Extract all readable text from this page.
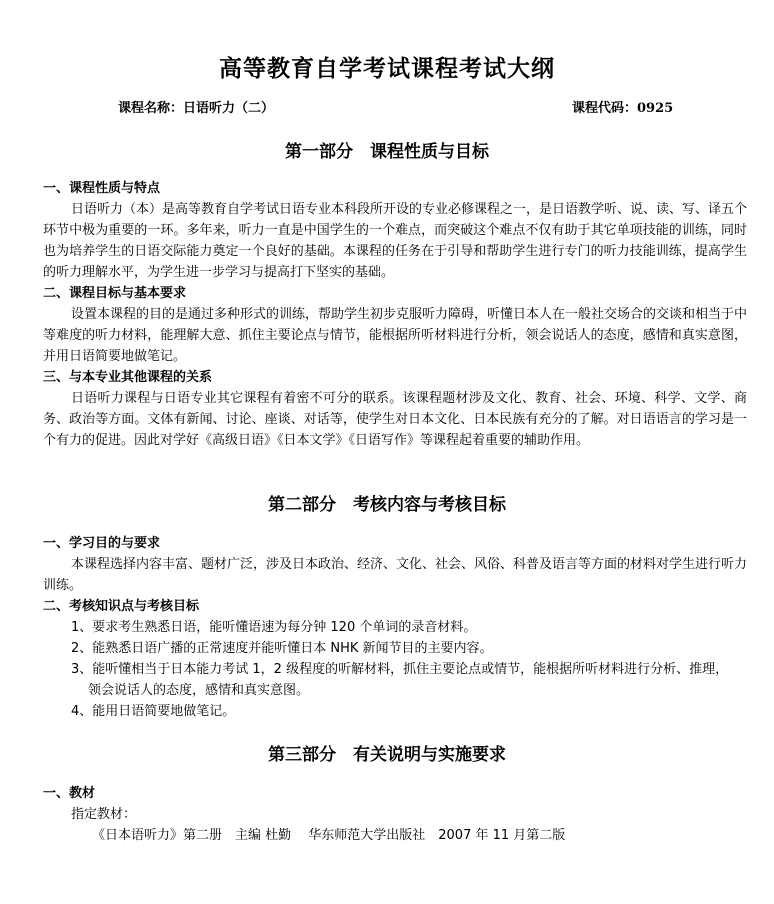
高等教育自学考试课程考试大纲
课程名称：日语听力（二）	课程代码：0925
第一部分　课程性质与目标
一、课程性质与特点
日语听力（本）是高等教育自学考试日语专业本科段所开设的专业必修课程之一，是日语教学听、说、读、写、译五个环节中极为重要的一环。多年来，听力一直是中国学生的一个难点，而突破这个难点不仅有助于其它单项技能的训练，同时也为培养学生的日语交际能力奠定一个良好的基础。本课程的任务在于引导和帮助学生进行专门的听力技能训练，提高学生的听力理解水平，为学生进一步学习与提高打下坚实的基础。
二、课程目标与基本要求
设置本课程的目的是通过多种形式的训练，帮助学生初步克服听力障碍，听懂日本人在一般社交场合的交谈和相当于中等难度的听力材料，能理解大意、抓住主要论点与情节，能根据所听材料进行分析，领会说话人的态度，感情和真实意图，并用日语简要地做笔记。
三、与本专业其他课程的关系
日语听力课程与日语专业其它课程有着密不可分的联系。该课程题材涉及文化、教育、社会、环境、科学、文学、商务、政治等方面。文体有新闻、讨论、座谈、对话等，使学生对日本文化、日本民族有充分的了解。对日语语言的学习是一个有力的促进。因此对学好《高级日语》《日本文学》《日语写作》等课程起着重要的辅助作用。
第二部分　考核内容与考核目标
一、学习目的与要求
本课程选择内容丰富、题材广泛，涉及日本政治、经济、文化、社会、风俗、科普及语言等方面的材料对学生进行听力训练。
二、考核知识点与考核目标
1、要求考生熟悉日语，能听懂语速为每分钟 120 个单词的录音材料。
2、能熟悉日语广播的正常速度并能听懂日本 NHK 新闻节目的主要内容。
3、能听懂相当于日本能力考试 1，2 级程度的听解材料，抓住主要论点或情节，能根据所听材料进行分析、推理，
领会说话人的态度，感情和真实意图。
4、能用日语简要地做笔记。
第三部分　有关说明与实施要求
一、教材
指定教材：
《日本语听力》第二册　主编 杜勤　 华东师范大学出版社　2007 年 11 月第二版
